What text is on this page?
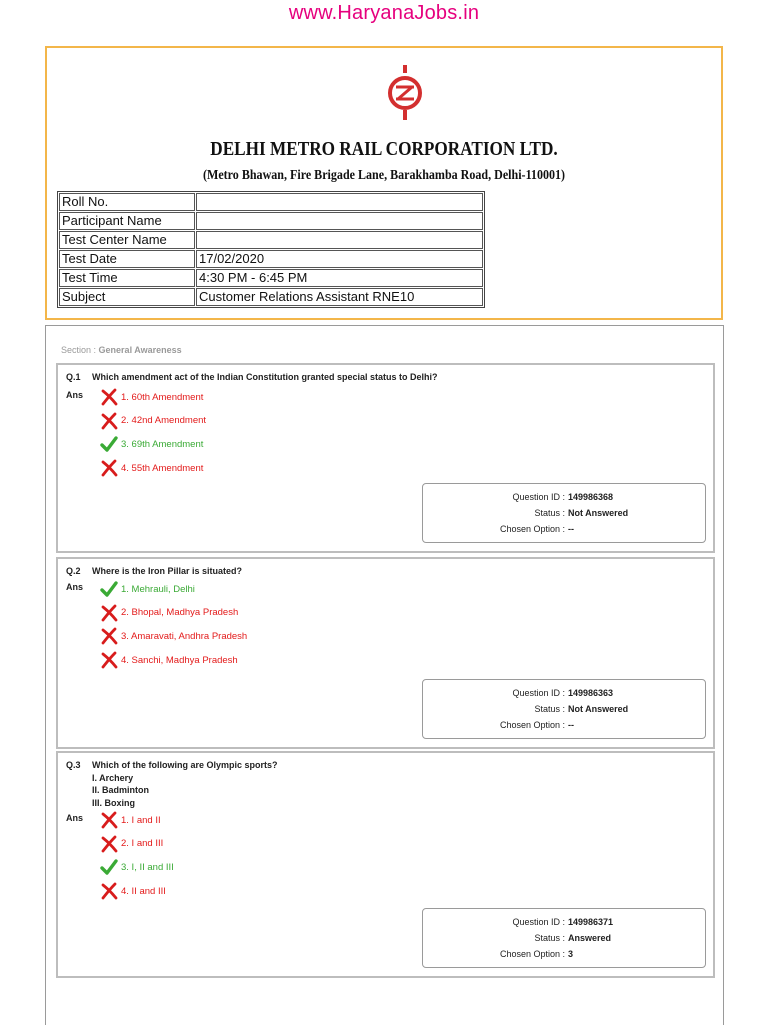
www.HaryanaJobs.in
DELHI METRO RAIL CORPORATION LTD.
(Metro Bhawan, Fire Brigade Lane, Barakhamba Road, Delhi-110001)
Roll No.	
Participant Name	
Test Center Name	
Test Date	17/02/2020
Test Time	4:30 PM - 6:45 PM
Subject	Customer Relations Assistant RNE10
Section : General Awareness
Q.1 Which amendment act of the Indian Constitution granted special status to Delhi?
Ans	1. 60th Amendment
2. 42nd Amendment
3. 69th Amendment
4. 55th Amendment
Question ID : 149986368
Status : Not Answered
Chosen Option : --
Q.2 Where is the Iron Pillar is situated?
Ans	1. Mehrauli, Delhi
2. Bhopal, Madhya Pradesh
3. Amaravati, Andhra Pradesh
4. Sanchi, Madhya Pradesh
Question ID : 149986363
Status : Not Answered
Chosen Option : --
Q.3 Which of the following are Olympic sports?
I. Archery
II. Badminton
III. Boxing
Ans	1. I and II
2. I and III
3. I, II and III
4. II and III
Question ID : 149986371
Status : Answered
Chosen Option : 3
